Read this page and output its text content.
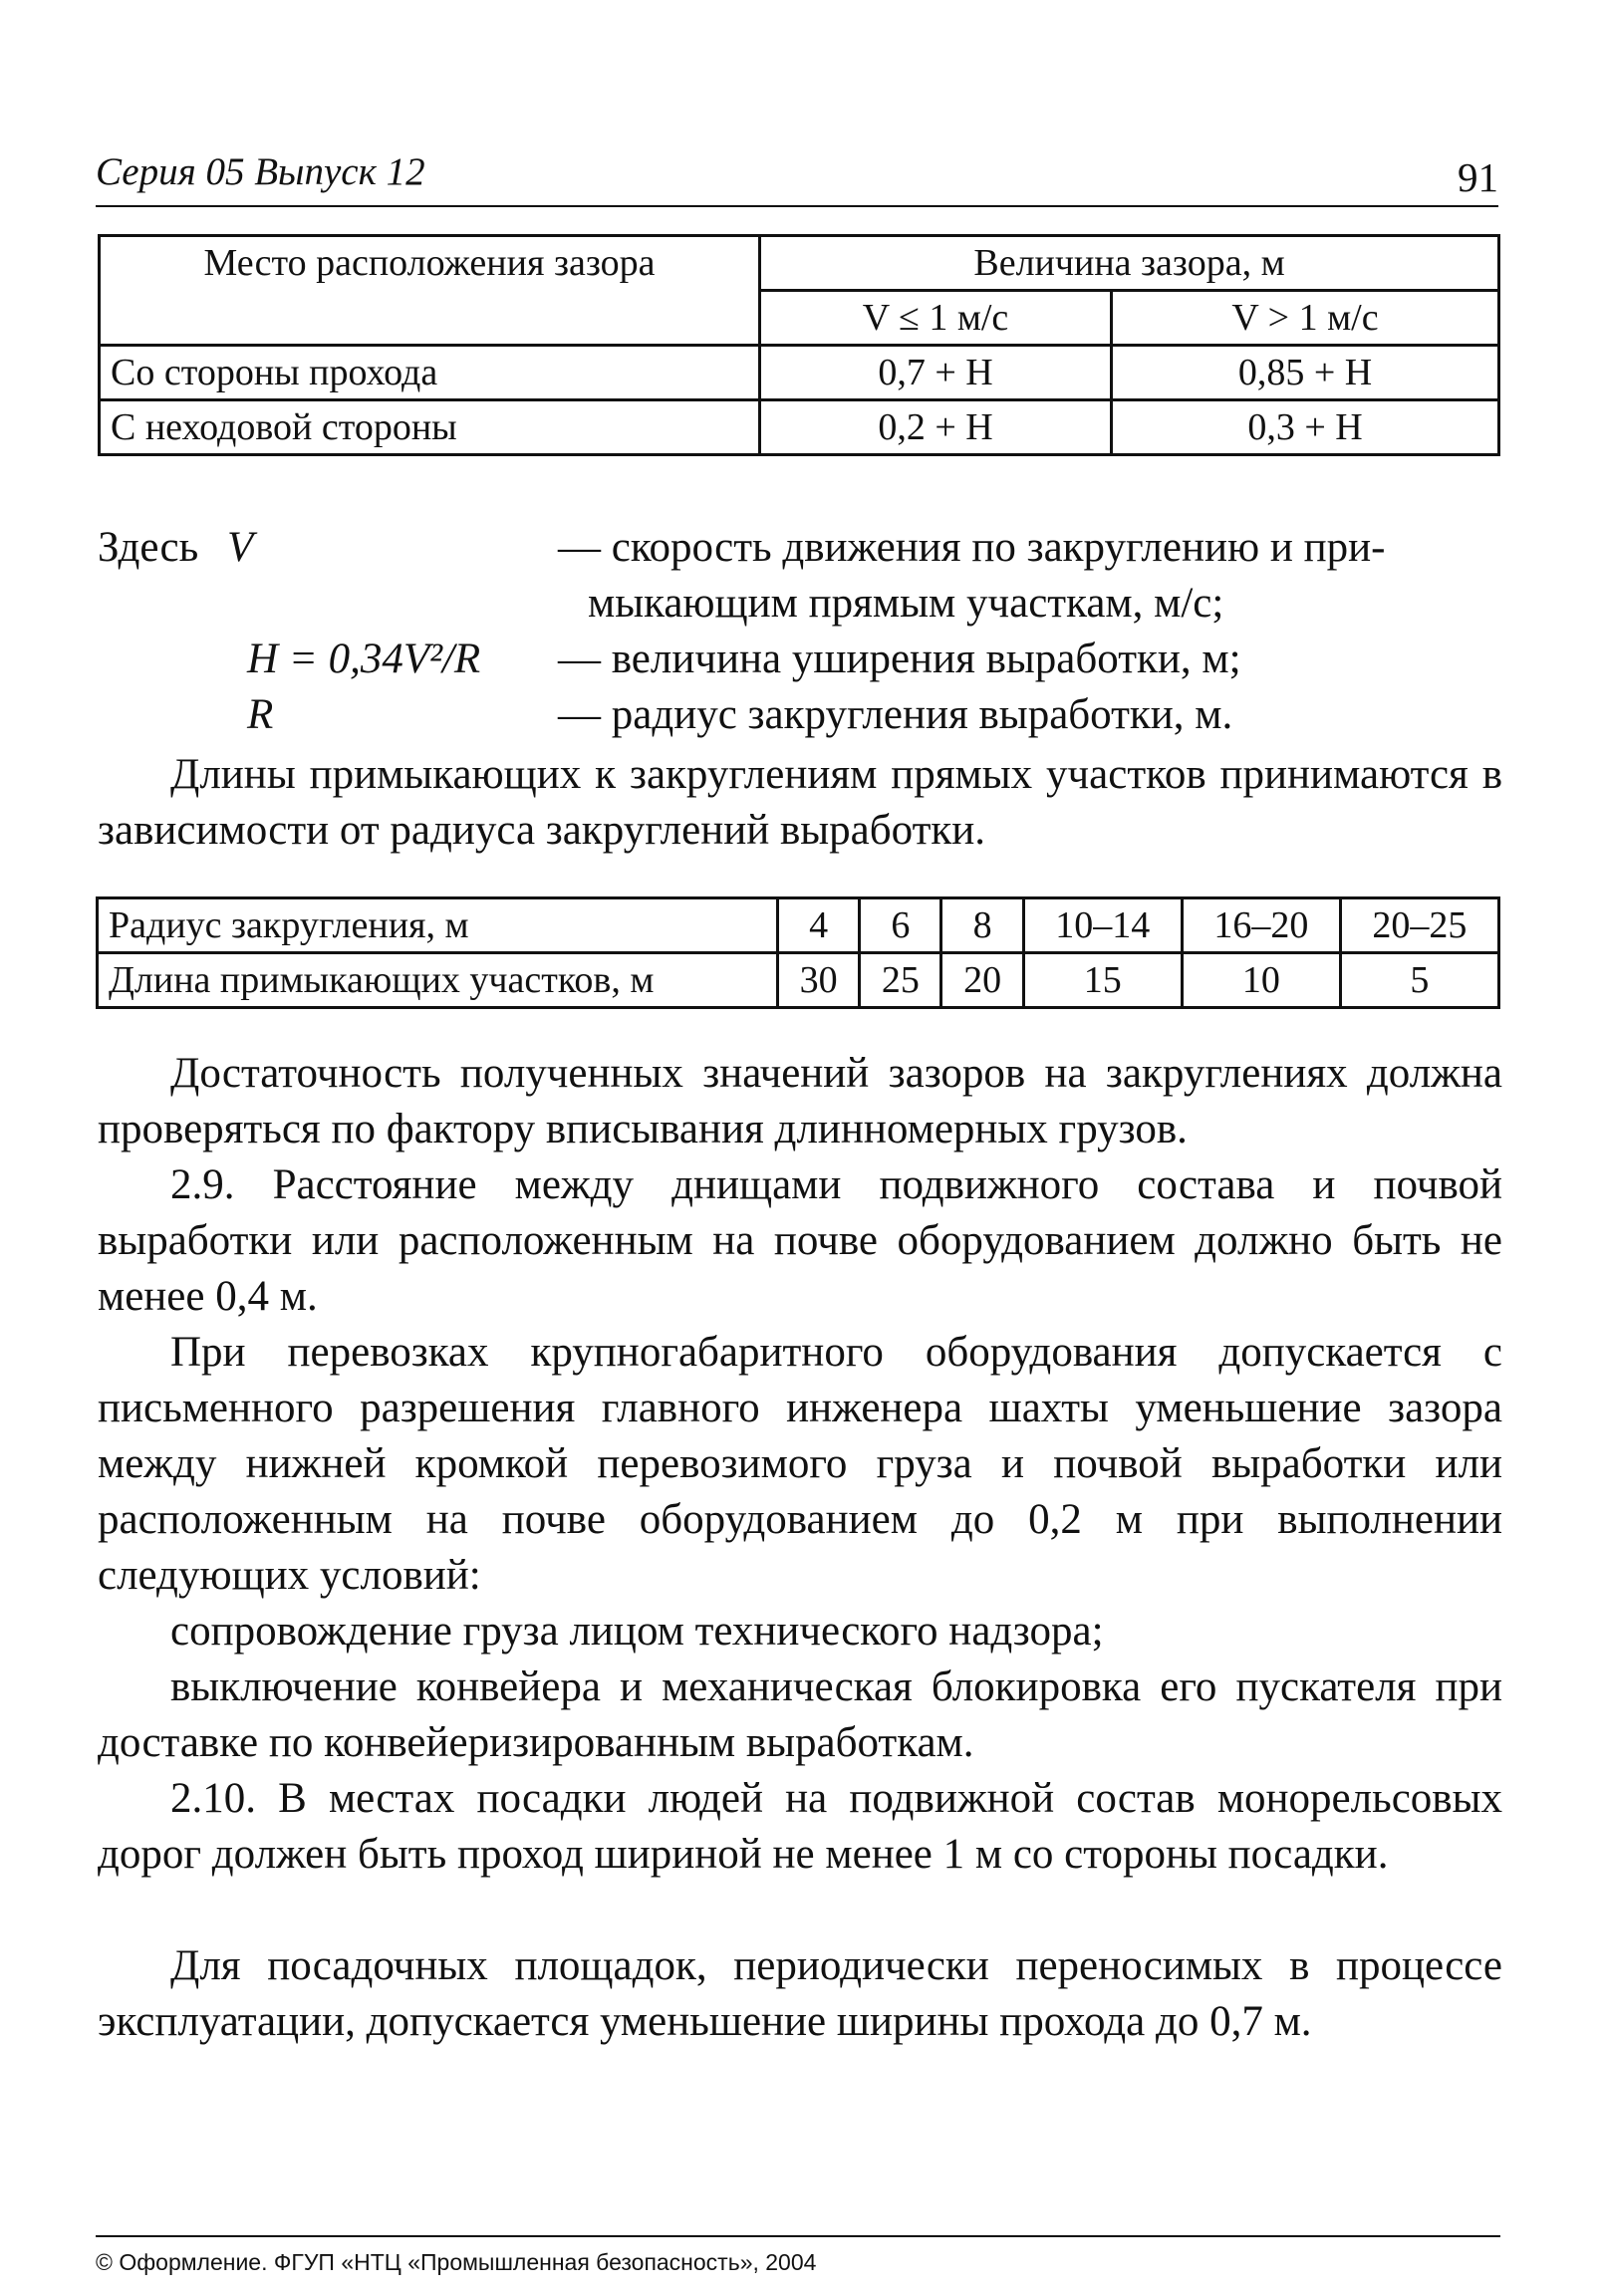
Серия 05 Выпуск 12	91
Место расположения зазора	Величина зазора, м	
	V ≤ 1 м/с	V > 1 м/с
Со стороны прохода	0,7 + H	0,85 + H
С неходовой стороны	0,2 + H	0,3 + H
Здесь V	— скорость движения по закруглению и при-
мыкающим прямым участкам, м/с;
H = 0,34V²/R — величина уширения выработки, м;
R	— радиус закругления выработки, м.
Длины примыкающих к закруглениям прямых участков принимаются в зависимости от радиуса закруглений выработки.
Радиус закругления, м	4	6	8	10–14	16–20	20–25
Длина примыкающих участков, м	30	25	20	15	10	5
Достаточность полученных значений зазоров на закруглениях должна проверяться по фактору вписывания длинномерных грузов.
2.9. Расстояние между днищами подвижного состава и почвой выработки или расположенным на почве оборудованием должно быть не менее 0,4 м.
При перевозках крупногабаритного оборудования допускается с письменного разрешения главного инженера шахты уменьшение зазора между нижней кромкой перевозимого груза и почвой выработки или расположенным на почве оборудованием до 0,2 м при выполнении следующих условий:
сопровождение груза лицом технического надзора;
выключение конвейера и механическая блокировка его пускателя при доставке по конвейеризированным выработкам.
2.10. В местах посадки людей на подвижной состав монорельсовых дорог должен быть проход шириной не менее 1 м со стороны посадки.
Для посадочных площадок, периодически переносимых в процессе эксплуатации, допускается уменьшение ширины прохода до 0,7 м.
© Оформление. ФГУП «НТЦ «Промышленная безопасность», 2004
